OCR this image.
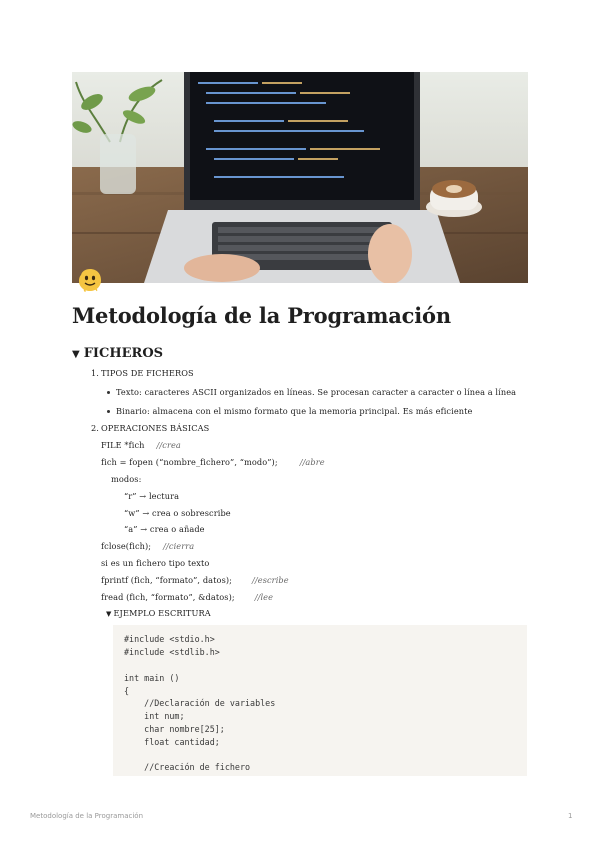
Metodología de la Programación
▼ FICHEROS
1. TIPOS DE FICHEROS
Texto: caracteres ASCII organizados en líneas. Se procesan caracter a caracter o línea a línea
Binario: almacena con el mismo formato que la memoria principal. Es más eficiente
2. OPERACIONES BÁSICAS
FILE *fich //crea
fich = fopen (“nombre_fichero”, “modo”);	//abre
modos:
“r” → lectura
“w” → crea o sobrescribe
“a” → crea o añade
fclose(fich); //cierra
si es un fichero tipo texto
fprintf (fich, “formato”, datos); //escribe
fread (fich, “formato”, &datos); //lee
▼ EJEMPLO ESCRITURA
#include <stdio.h>
#include <stdlib.h>
int main ()
{
//Declaración de variables
int num;
char nombre[25];
float cantidad;
//Creación de fichero
Metodología de la Programación	1
